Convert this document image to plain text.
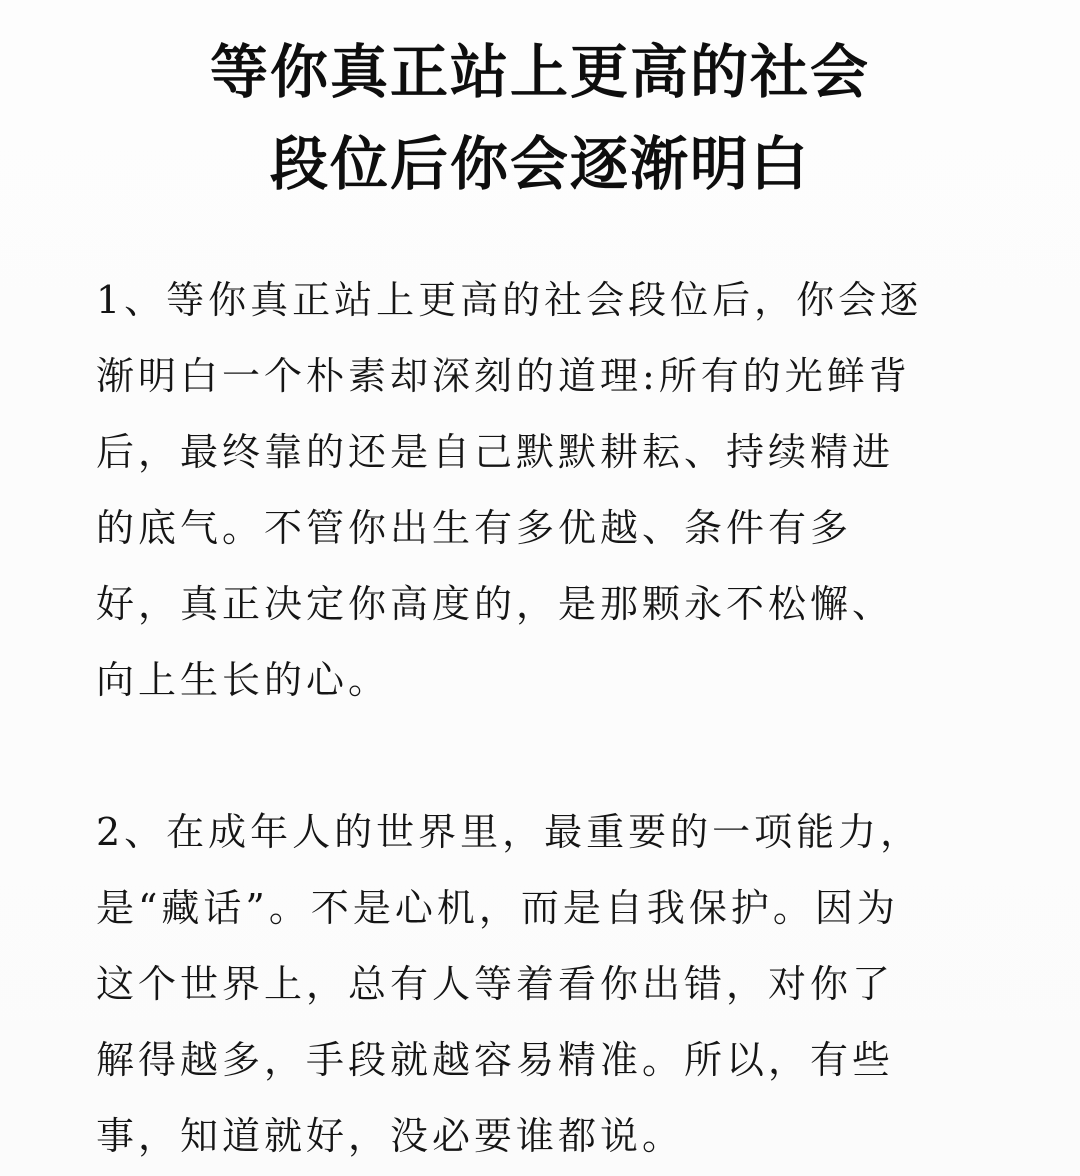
等你真正站上更高的社会
段位后你会逐渐明白

1、等你真正站上更高的社会段位后，你会逐
渐明白一个朴素却深刻的道理:所有的光鲜背
后，最终靠的还是自己默默耕耘、持续精进
的底气。不管你出生有多优越、条件有多
好，真正决定你高度的，是那颗永不松懈、
向上生长的心。

2、在成年人的世界里，最重要的一项能力，
是“藏话”。不是心机，而是自我保护。因为
这个世界上，总有人等着看你出错，对你了
解得越多，手段就越容易精准。所以，有些
事，知道就好，没必要谁都说。
